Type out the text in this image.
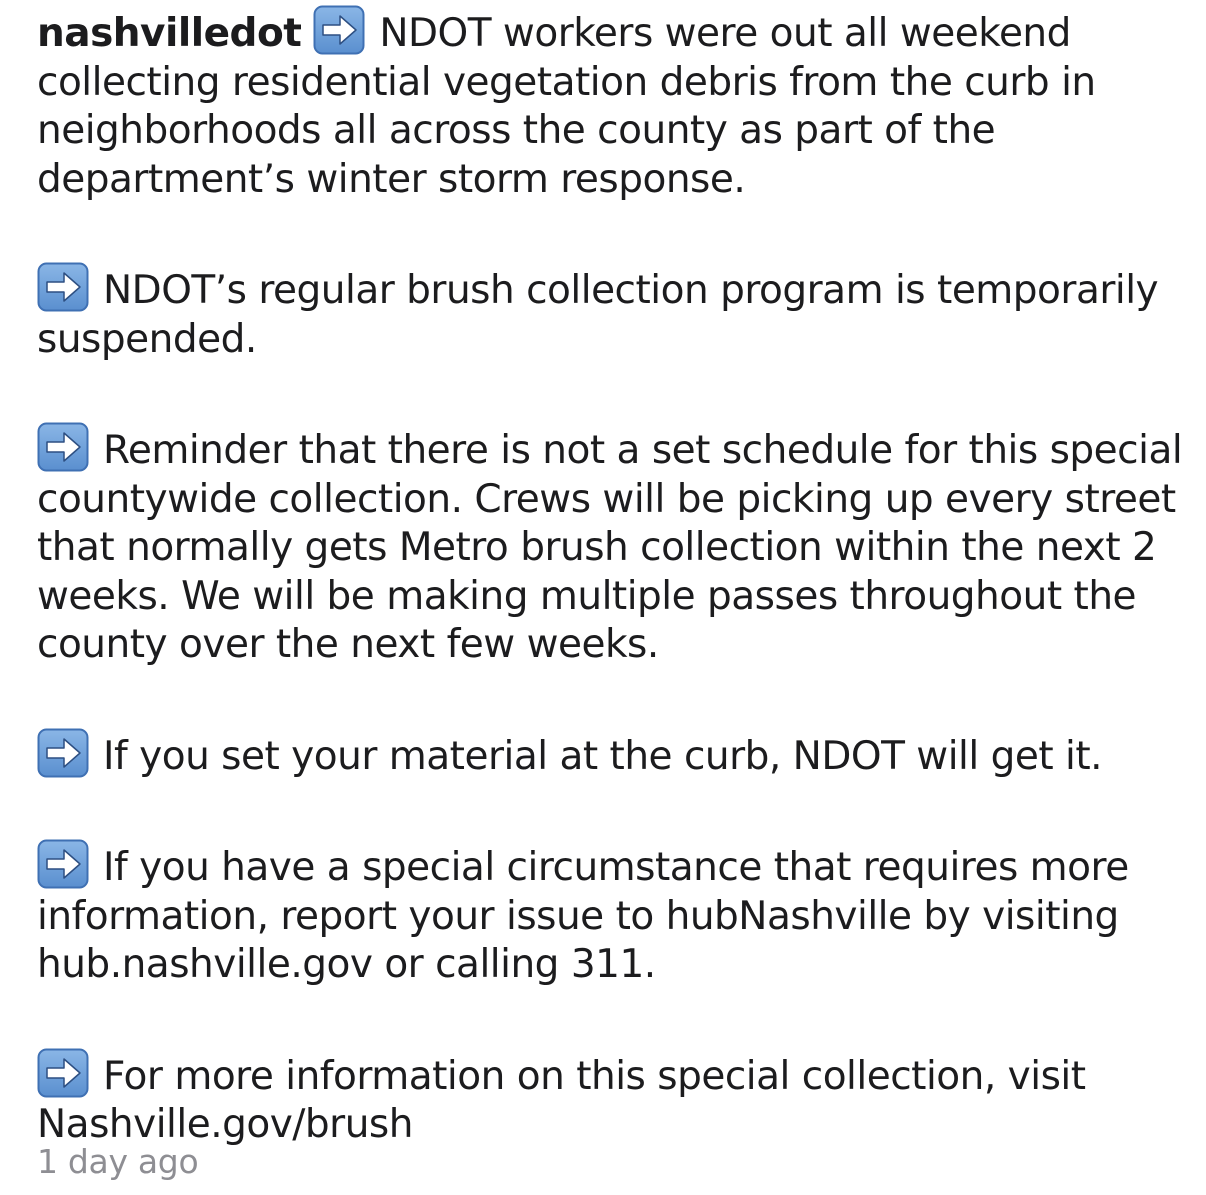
nashvilledot NDOT workers were out all weekend collecting residential vegetation debris from the curb in neighborhoods all across the county as part of the department’s winter storm response.

NDOT’s regular brush collection program is temporarily suspended.

Reminder that there is not a set schedule for this special countywide collection. Crews will be picking up every street that normally gets Metro brush collection within the next 2 weeks. We will be making multiple passes throughout the county over the next few weeks.

If you set your material at the curb, NDOT will get it.

If you have a special circumstance that requires more information, report your issue to hubNashville by visiting hub.nashville.gov or calling 311.

For more information on this special collection, visit Nashville.gov/brush

1 day ago
